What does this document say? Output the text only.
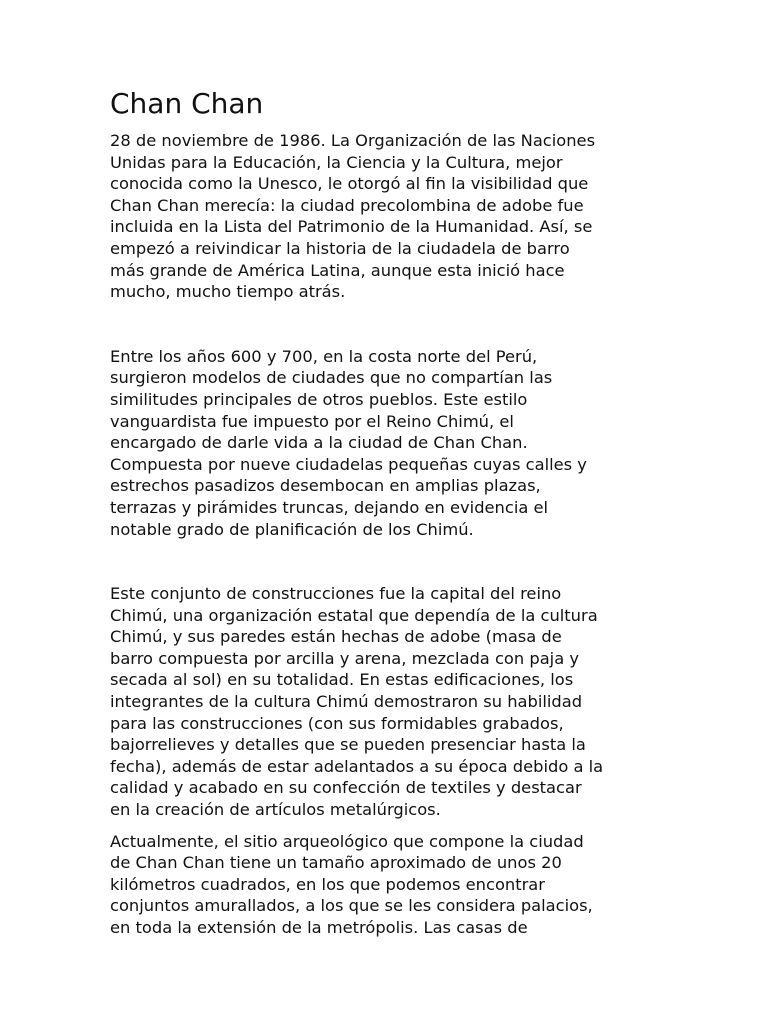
Chan Chan

28 de noviembre de 1986. La Organización de las Naciones
Unidas para la Educación, la Ciencia y la Cultura, mejor
conocida como la Unesco, le otorgó al fin la visibilidad que
Chan Chan merecía: la ciudad precolombina de adobe fue
incluida en la Lista del Patrimonio de la Humanidad. Así, se
empezó a reivindicar la historia de la ciudadela de barro
más grande de América Latina, aunque esta inició hace
mucho, mucho tiempo atrás.

Entre los años 600 y 700, en la costa norte del Perú,
surgieron modelos de ciudades que no compartían las
similitudes principales de otros pueblos. Este estilo
vanguardista fue impuesto por el Reino Chimú, el
encargado de darle vida a la ciudad de Chan Chan.
Compuesta por nueve ciudadelas pequeñas cuyas calles y
estrechos pasadizos desembocan en amplias plazas,
terrazas y pirámides truncas, dejando en evidencia el
notable grado de planificación de los Chimú.

Este conjunto de construcciones fue la capital del reino
Chimú, una organización estatal que dependía de la cultura
Chimú, y sus paredes están hechas de adobe (masa de
barro compuesta por arcilla y arena, mezclada con paja y
secada al sol) en su totalidad. En estas edificaciones, los
integrantes de la cultura Chimú demostraron su habilidad
para las construcciones (con sus formidables grabados,
bajorrelieves y detalles que se pueden presenciar hasta la
fecha), además de estar adelantados a su época debido a la
calidad y acabado en su confección de textiles y destacar
en la creación de artículos metalúrgicos.

Actualmente, el sitio arqueológico que compone la ciudad
de Chan Chan tiene un tamaño aproximado de unos 20
kilómetros cuadrados, en los que podemos encontrar
conjuntos amurallados, a los que se les considera palacios,
en toda la extensión de la metrópolis. Las casas de
